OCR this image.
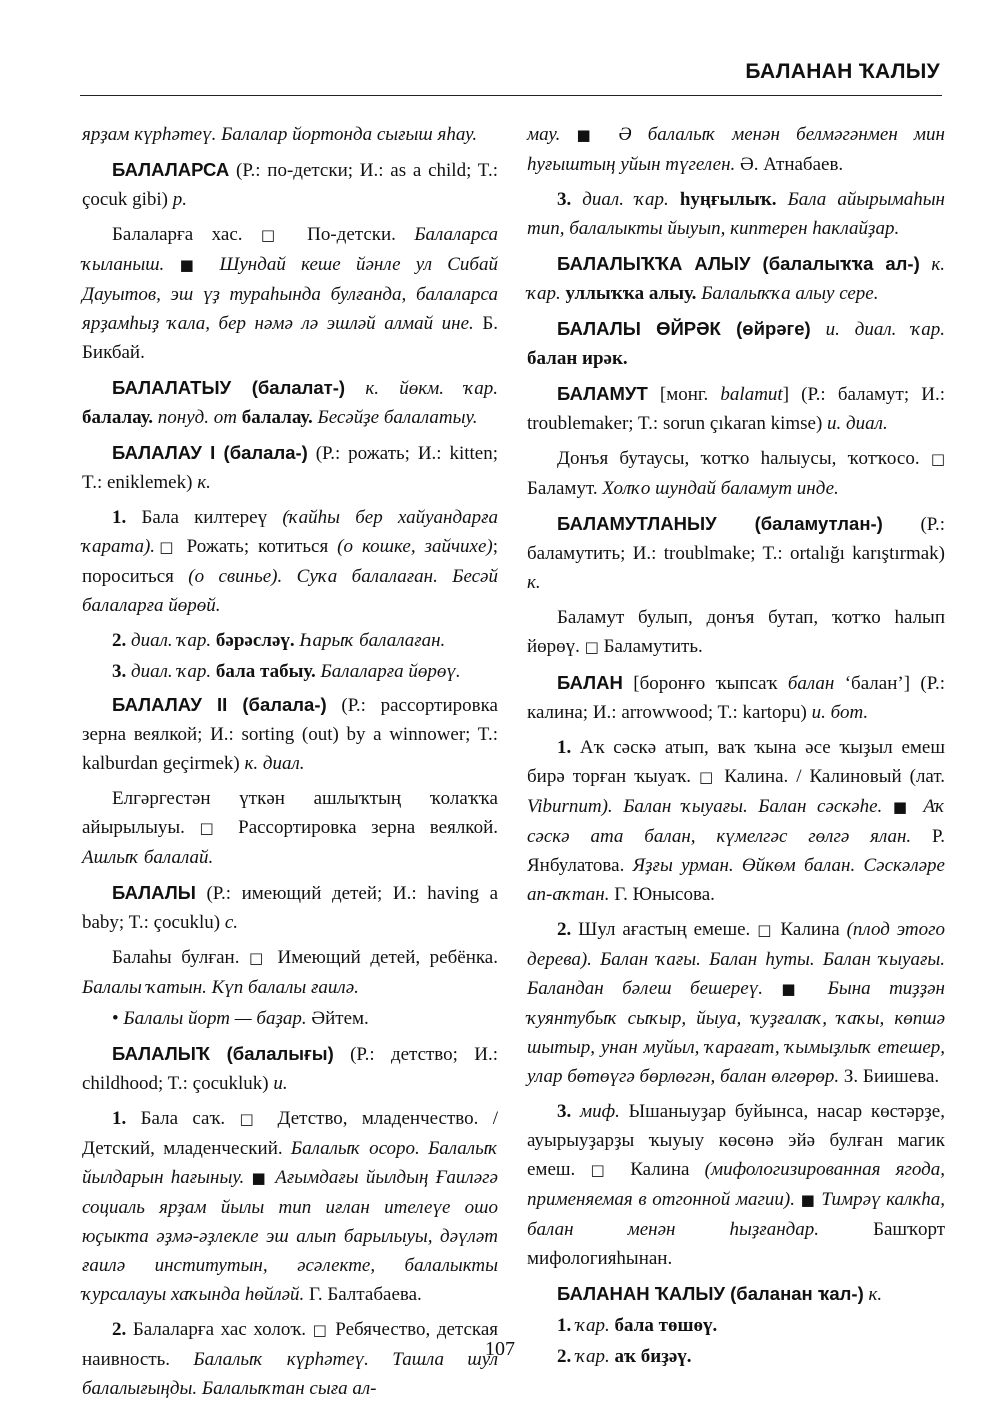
БАЛАНАН ҠАЛЫУ

ярҙам күрһәтеү. Балалар йортонда сығыш яһау.

БАЛАЛАРСА (Р.: по-детски; И.: as a child; T.: çocuk gibi) р.

Балаларға хас. □ По-детски. Балаларса ҡыланыш. ■ Шундай кеше йәнле ул Сибай Дауытов, эш үҙ тураһында булғанда, балаларса ярҙамһыҙ ҡала, бер нәмә лә эшләй алмай ине. Б. Бикбай.

БАЛАЛАТЫУ (балалат-) к. йөкм. ҡар. балалау. понуд. от балалау. Бесәйҙе балалатыу.

БАЛАЛАУ I (балала-) (Р.: рожать; И.: kitten; T.: eniklemek) к.

1. Бала килтереү (ҡайһы бер хайуандарға ҡарата).□ Рожать; котиться (о кошке, зайчихе); пороситься (о свинье). Суҡа балалаған. Бесәй балаларға йөрөй.

2. диал. ҡар. бәрәсләү. Һарыҡ балалаған.

3. диал. ҡар. бала табыу. Балаларға йөрөү.

БАЛАЛАУ II (балала-) (Р.: рассортировка зерна веялкой; И.: sorting (out) by a winnower; T.: kalburdan geçirmek) к. диал.

Елгәргестән үткән ашлыҡтың ҡолаҡҡа айырылыуы. □ Рассортировка зерна веялкой. Ашлыҡ балалай.

БАЛАЛЫ (Р.: имеющий детей; И.: having a baby; T.: çocuklu) с.

Балаһы булған. □ Имеющий детей, ребёнка. Балалы ҡатын. Күп балалы ғаилә.

• Балалы йорт — баҙар. Әйтем.

БАЛАЛЫҠ (балалығы) (Р.: детство; И.: childhood; T.: çocukluk) и.

1. Бала саҡ. □ Детство, младенчество. / Детский, младенческий. Балалыҡ осоро. Балалыҡ йылдарын һағыныу. ■ Ағымдағы йылдың Ғаиләгә социаль ярҙам йылы тип иғлан ителеүе ошо юҫыкта әҙмә-әҙлекле эш алып барылыуы, дәүләт ғаилә институтын, әсәлекте, балалыкты ҡурсалауы хаҡында һөйләй. Г. Балтабаева.

2. Балаларға хас холоҡ. □ Ребячество, детская наивность. Балалыҡ күрһәтеү. Ташла шул балалығыңды. Балалыҡтан сыға ал-

мау. ■ Ә балалыҡ менән белмәгәнмен мин һуғыштың уйын түгелен. Ә. Атнабаев.

3. диал. ҡар. һуңғылыҡ. Бала айырымаһын тип, балалыкты йыуып, киптерен һаклайҙар.

БАЛАЛЫҠҠА АЛЫУ (балалыҡҡа ал-) к. ҡар. уллыҡҡа алыу. Балалыҡҡа алыу сере.

БАЛАЛЫ ӨЙРӘК (өйрәге) и. диал. ҡар. балан ирәк.

БАЛАМУТ [монг. balamut] (Р.: баламут; И.: troublemaker; T.: sorun çıkaran kimse) и. диал.

Донъя бутаусы, ҡотҡо һалыусы, ҡотҡосо. □ Баламут. Холҡо шундай баламут инде.

БАЛАМУТЛАНЫУ (баламутлан-) (Р.: баламутить; И.: troublmake; T.: ortalığı karıştırmak) к.

Баламут булып, донъя бутап, ҡотҡо һалып йөрөү. □ Баламутить.

БАЛАН [боронғо ҡыпсаҡ балан ‘балан’] (Р.: калина; И.: arrowwood; T.: kartopu) и. бот.

1. Аҡ сәскә атып, ваҡ ҡына әсе ҡыҙыл емеш бирә торған ҡыуаҡ. □ Калина. / Калиновый (лат. Viburnum). Балан ҡыуағы. Балан сәскәһе. ■ Аҡ сәскә ата балан, күмелгәс гөлгә ялан. Р. Янбулатова. Яҙғы урман. Өйкөм балан. Сәскәләре ап-аҡтан. Г. Юнысова.

2. Шул ағастың емеше. □ Калина (плод этого дерева). Балан ҡағы. Балан һуты. Балан ҡыуағы. Баландан бәлеш бешереү. ■ Бына тиҙҙән ҡуянтубыҡ сыҡыр, йыуа, ҡуҙғалаҡ, ҡаҡы, көпшә шытыр, унан муйыл, ҡарағат, ҡымыҙлыҡ етешер, улар бөтөүгә бөрлөгән, балан өлгөрөр. З. Биишева.

3. миф. Ышаныуҙар буйынса, насар көстәрҙе, ауырыуҙарҙы ҡыуыу көсөнә эйә булған магик емеш. □ Калина (мифологизированная ягода, применяемая в отгонной магии). ■ Тимрәү калкһа, балан менән һыҙғандар. Башҡорт мифологияһынан.

БАЛАНАН ҠАЛЫУ (баланан ҡал-) к.

1. ҡар. бала төшөү.

2. ҡар. аҡ биҙәү.

107
